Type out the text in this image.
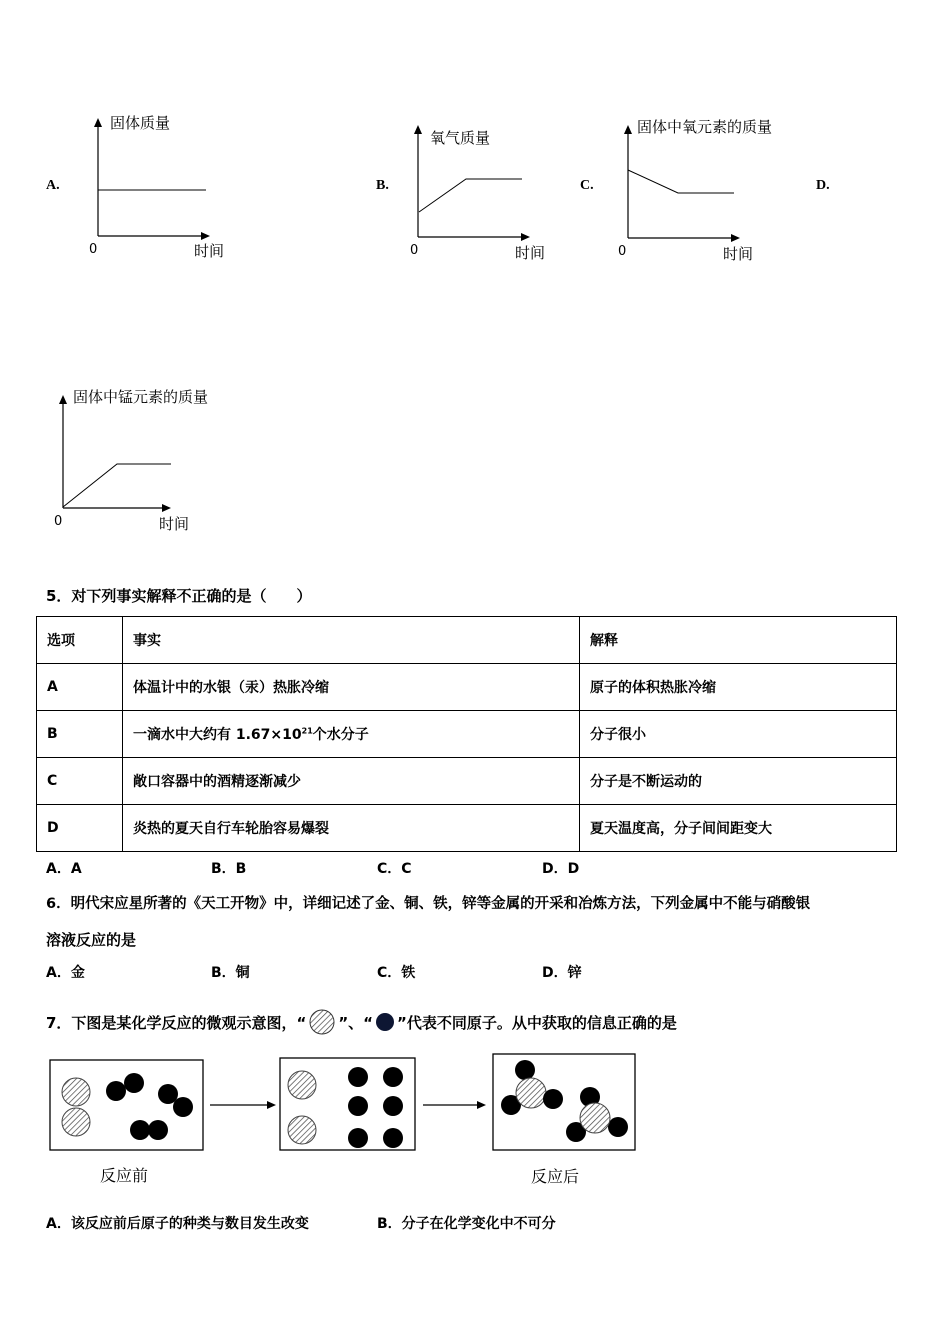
A.
固体质量
0	时间
B.
氧气质量
0	时间
C.
固体中氧元素的质量
0	时间
D.
固体中锰元素的质量
0	时间
5．对下列事实解释不正确的是（　　）
选项	事实	解释
A	体温计中的水银（汞）热胀冷缩	原子的体积热胀冷缩
B	一滴水中大约有 $1.67\times 10^{21}$个水分子	分子很小
C	敞口容器中的酒精逐渐减少	分子是不断运动的
D	炎热的夏天自行车轮胎容易爆裂	夏天温度高，分子间间距变大
A．A	B．B	C．C	D．D
6．明代宋应星所著的《天工开物》中，详细记述了金、铜、铁，锌等金属的开采和冶炼方法，下列金属中不能与硝酸银
溶液反应的是
A．金	B．铜	C．铁	D．锌
7．下图是某化学反应的微观示意图，“ ”、“ ”代表不同原子。从中获取的信息正确的是
反应前	反应后
A．该反应前后原子的种类与数目发生改变	B．分子在化学变化中不可分
